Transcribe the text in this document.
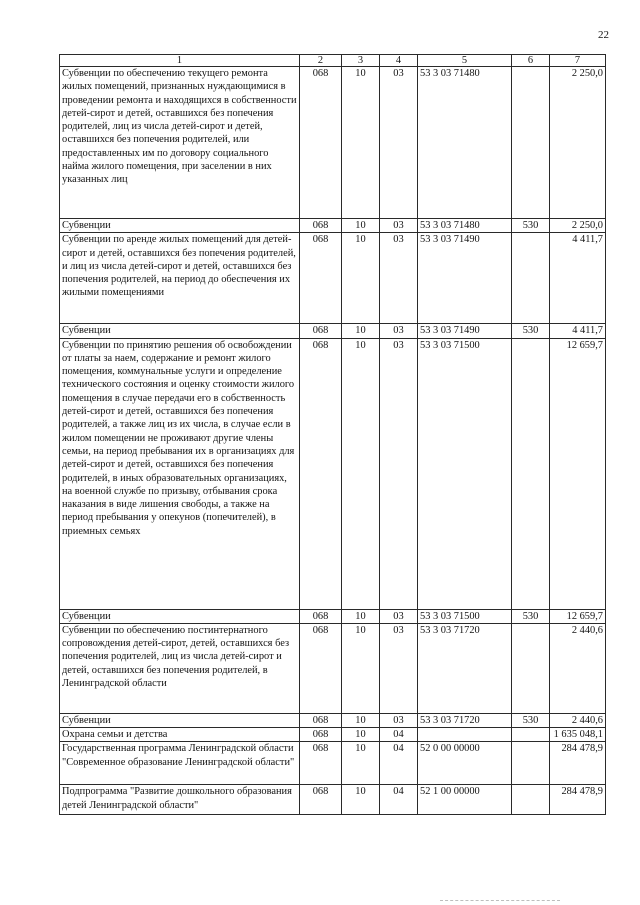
22
1	2	3	4	5	6	7
Субвенции по обеспечению текущего ремонта жилых помещений, признанных нуждающимися в проведении ремонта и находящихся в собственности детей-сирот и детей, оставшихся без попечения родителей, лиц из числа детей-сирот и детей, оставшихся без попечения родителей, или предоставленных им по договору социального найма жилого помещения, при заселении в них указанных лиц	068	10	03	53 3 03 71480		2 250,0
Субвенции	068	10	03	53 3 03 71480	530	2 250,0
Субвенции по аренде жилых помещений для детей-сирот и детей, оставшихся без попечения родителей, и лиц из числа детей-сирот и детей, оставшихся без попечения родителей, на период до обеспечения их жилыми помещениями	068	10	03	53 3 03 71490		4 411,7
Субвенции	068	10	03	53 3 03 71490	530	4 411,7
Субвенции по принятию решения об освобождении от платы за наем, содержание и ремонт жилого помещения, коммунальные услуги и определение технического состояния и оценку стоимости жилого помещения в случае передачи его в собственность детей-сирот и детей, оставшихся без попечения родителей, а также лиц из их числа, в случае если в жилом помещении не проживают другие члены семьи, на период пребывания их в организациях для детей-сирот и детей, оставшихся без попечения родителей, в иных образовательных организациях, на военной службе по призыву, отбывания срока наказания в виде лишения свободы, а также на период пребывания у опекунов (попечителей), в приемных семьях	068	10	03	53 3 03 71500		12 659,7
Субвенции	068	10	03	53 3 03 71500	530	12 659,7
Субвенции по обеспечению постинтернатного сопровождения детей-сирот, детей, оставшихся без попечения родителей, лиц из числа детей-сирот и детей, оставшихся без попечения родителей, в Ленинградской области	068	10	03	53 3 03 71720		2 440,6
Субвенции	068	10	03	53 3 03 71720	530	2 440,6
Охрана семьи и детства	068	10	04			1 635 048,1
Государственная программа Ленинградской области "Современное образование Ленинградской области"	068	10	04	52 0 00 00000		284 478,9
Подпрограмма "Развитие дошкольного образования детей Ленинградской области"	068	10	04	52 1 00 00000		284 478,9
